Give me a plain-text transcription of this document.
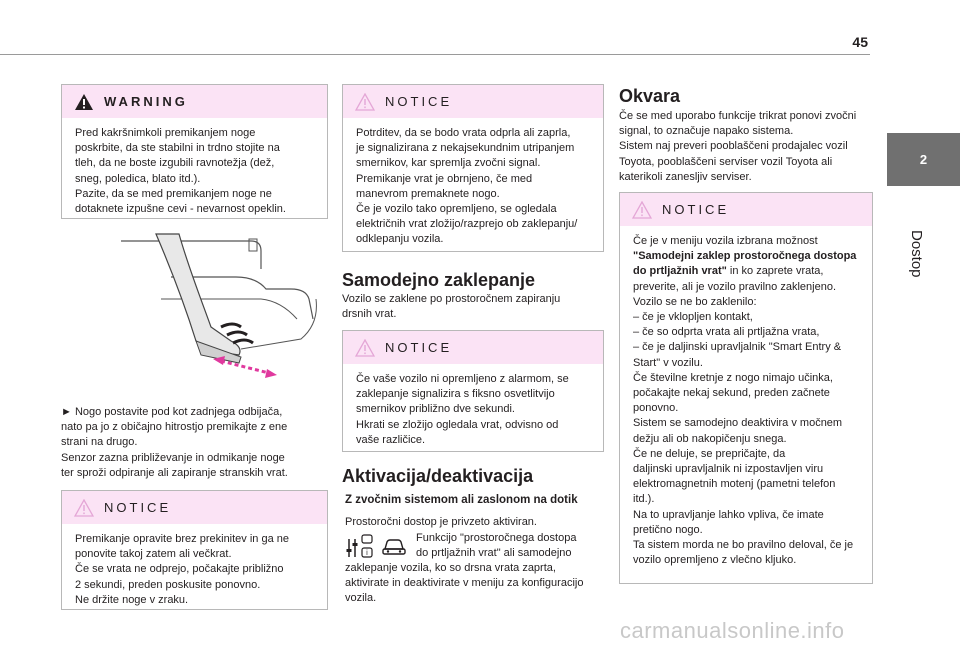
45
2
Dostop
WARNING

Pred kakršnimkoli premikanjem noge
poskrbite, da ste stabilni in trdno stojite na
tleh, da ne boste izgubili ravnotežja (dež,
sneg, poledica, blato itd.).
Pazite, da se med premikanjem noge ne
dotaknete izpušne cevi - nevarnost opeklin.

► Nogo postavite pod kot zadnjega odbijača,
nato pa jo z običajno hitrostjo premikajte z ene
strani na drugo.
Senzor zazna približevanje in odmikanje noge
ter sproži odpiranje ali zapiranje stranskih vrat.
NOTICE

Premikanje opravite brez prekinitev in ga ne
ponovite takoj zatem ali večkrat.
Če se vrata ne odprejo, počakajte približno
2 sekundi, preden poskusite ponovno.
Ne držite noge v zraku.

NOTICE

Potrditev, da se bodo vrata odprla ali zaprla,
je signalizirana z nekajsekundnim utripanjem
smernikov, kar spremlja zvočni signal.
Premikanje vrat je obrnjeno, če med
manevrom premaknete nogo.
Če je vozilo tako opremljeno, se ogledala
električnih vrat zložijo/razprejo ob zaklepanju/
odklepanju vozila.

Samodejno zaklepanje
Vozilo se zaklene po prostoročnem zapiranju
drsnih vrat.
NOTICE

Če vaše vozilo ni opremljeno z alarmom, se
zaklepanje signalizira s fiksno osvetlitvijo
smernikov približno dve sekundi.
Hkrati se zložijo ogledala vrat, odvisno od
vaše različice.

Aktivacija/deaktivacija
Z zvočnim sistemom ali zaslonom na dotik
Prostoročni dostop je privzeto aktiviran.
i
Funkcijo "prostoročnega dostopa
do prtljažnih vrat" ali samodejno
zaklepanje vozila, ko so drsna vrata zaprta,
aktivirate in deaktivirate v meniju za konfiguracijo
vozila.
Okvara
Če se med uporabo funkcije trikrat ponovi zvočni
signal, to označuje napako sistema.
Sistem naj preveri pooblaščeni prodajalec vozil
Toyota, pooblaščeni serviser vozil Toyota ali
katerikoli zanesljiv serviser.
NOTICE
Če je v meniju vozila izbrana možnost
"Samodejni zaklep prostoročnega dostopa
do prtljažnih vrat" in ko zaprete vrata,
preverite, ali je vozilo pravilno zaklenjeno.
Vozilo se ne bo zaklenilo:
– če je vklopljen kontakt,
– če so odprta vrata ali prtljažna vrata,
– če je daljinski upravljalnik "Smart Entry &
Start" v vozilu.
Če številne kretnje z nogo nimajo učinka,
počakajte nekaj sekund, preden začnete
ponovno.
Sistem se samodejno deaktivira v močnem
dežju ali ob nakopičenju snega.
Če ne deluje, se prepričajte, da
daljinski upravljalnik ni izpostavljen viru
elektromagnetnih motenj (pametni telefon
itd.).
Na to upravljanje lahko vpliva, če imate
pretično nogo.
Ta sistem morda ne bo pravilno deloval, če je
vozilo opremljeno z vlečno kljuko.
carmanualsonline.info
